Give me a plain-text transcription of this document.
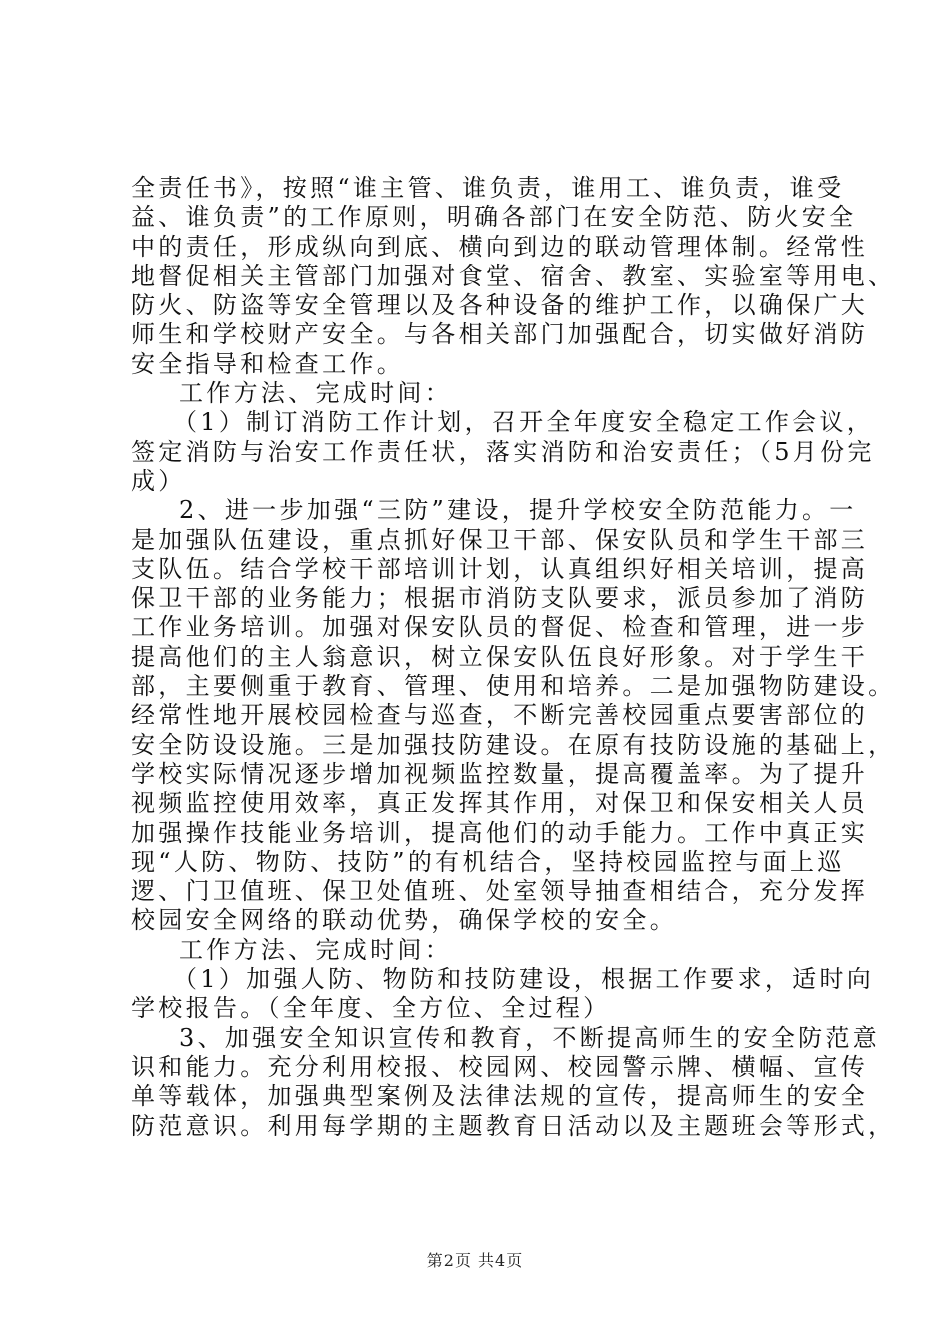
全责任书》，按照“谁主管、谁负责，谁用工、谁负责，谁受
益、谁负责”的工作原则，明确各部门在安全防范、防火安全
中的责任，形成纵向到底、横向到边的联动管理体制。经常性
地督促相关主管部门加强对食堂、宿舍、教室、实验室等用电、
防火、防盗等安全管理以及各种设备的维护工作，以确保广大
师生和学校财产安全。与各相关部门加强配合，切实做好消防
安全指导和检查工作。
工作方法、完成时间：
（1）制订消防工作计划，召开全年度安全稳定工作会议，
签定消防与治安工作责任状，落实消防和治安责任；（5月份完
成）
2、进一步加强“三防”建设，提升学校安全防范能力。一
是加强队伍建设，重点抓好保卫干部、保安队员和学生干部三
支队伍。结合学校干部培训计划，认真组织好相关培训，提高
保卫干部的业务能力；根据市消防支队要求，派员参加了消防
工作业务培训。加强对保安队员的督促、检查和管理，进一步
提高他们的主人翁意识，树立保安队伍良好形象。对于学生干
部，主要侧重于教育、管理、使用和培养。二是加强物防建设。
经常性地开展校园检查与巡查，不断完善校园重点要害部位的
安全防设设施。三是加强技防建设。在原有技防设施的基础上，
学校实际情况逐步增加视频监控数量，提高覆盖率。为了提升
视频监控使用效率，真正发挥其作用，对保卫和保安相关人员
加强操作技能业务培训，提高他们的动手能力。工作中真正实
现“人防、物防、技防”的有机结合，坚持校园监控与面上巡
逻、门卫值班、保卫处值班、处室领导抽查相结合，充分发挥
校园安全网络的联动优势，确保学校的安全。
工作方法、完成时间：
（1）加强人防、物防和技防建设，根据工作要求，适时向
学校报告。（全年度、全方位、全过程）
3、加强安全知识宣传和教育，不断提高师生的安全防范意
识和能力。充分利用校报、校园网、校园警示牌、横幅、宣传
单等载体，加强典型案例及法律法规的宣传，提高师生的安全
防范意识。利用每学期的主题教育日活动以及主题班会等形式，
第2页 共4页
